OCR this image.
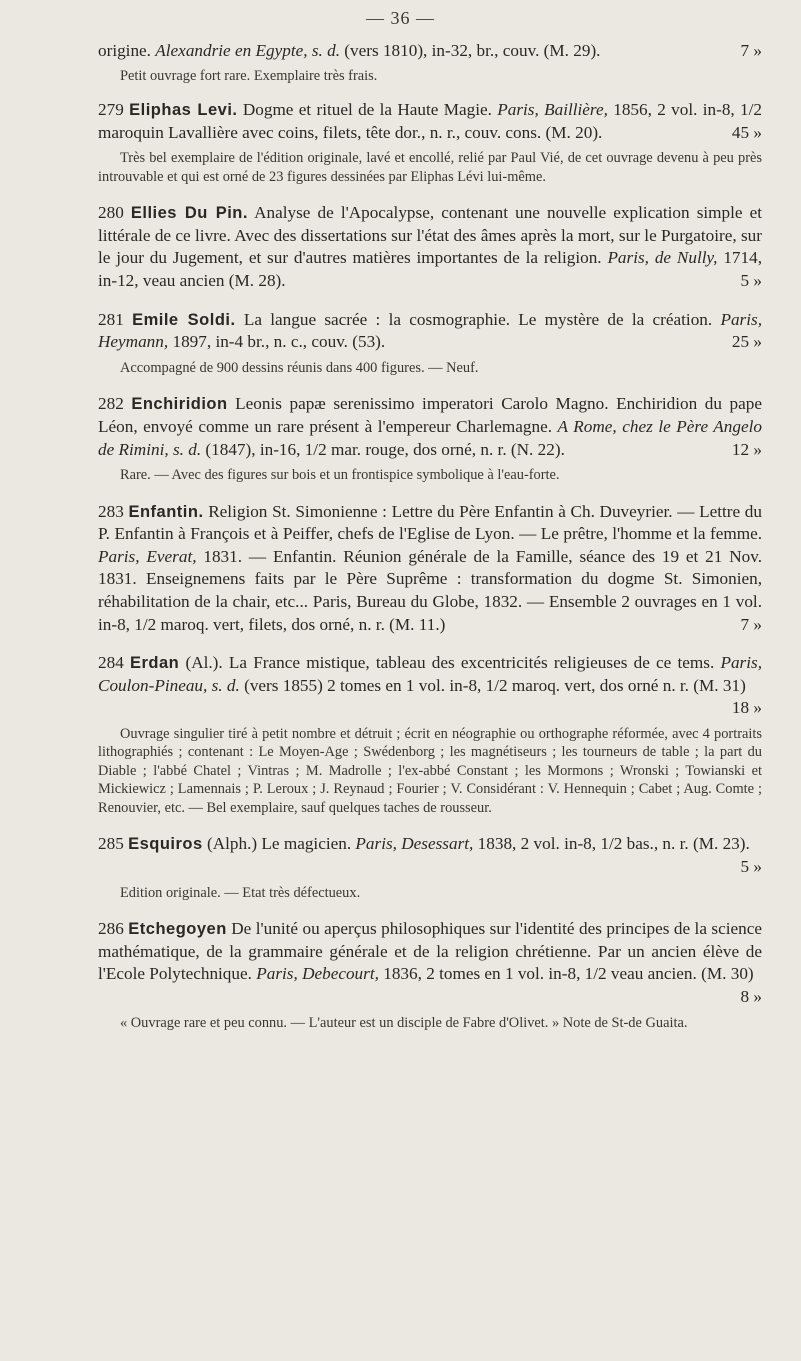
— 36 —

origine. Alexandrie en Egypte, s. d. (vers 1810), in-32, br., couv. (M. 29).	7 »

Petit ouvrage fort rare. Exemplaire très frais.

279 Eliphas Levi. Dogme et rituel de la Haute Magie. Paris, Baillière, 1856, 2 vol. in-8, 1/2 maroquin Lavallière avec coins, filets, tête dor., n. r., couv. cons. (M. 20).	45 »

Très bel exemplaire de l'édition originale, lavé et encollé, relié par Paul Vié, de cet ouvrage devenu à peu près introuvable et qui est orné de 23 figures dessinées par Eliphas Lévi lui-même.

280 Ellies Du Pin. Analyse de l'Apocalypse, contenant une nouvelle explication simple et littérale de ce livre. Avec des dissertations sur l'état des âmes après la mort, sur le Purgatoire, sur le jour du Jugement, et sur d'autres matières importantes de la religion. Paris, de Nully, 1714, in-12, veau ancien (M. 28).	5 »

281 Emile Soldi. La langue sacrée : la cosmographie. Le mystère de la création. Paris, Heymann, 1897, in-4 br., n. c., couv. (53).	25 »

Accompagné de 900 dessins réunis dans 400 figures. — Neuf.

282 Enchiridion Leonis papæ serenissimo imperatori Carolo Magno. Enchiridion du pape Léon, envoyé comme un rare présent à l'empereur Charlemagne. A Rome, chez le Père Angelo de Rimini, s. d. (1847), in-16, 1/2 mar. rouge, dos orné, n. r. (N. 22).	12 »

Rare. — Avec des figures sur bois et un frontispice symbolique à l'eau-forte.

283 Enfantin. Religion St. Simonienne : Lettre du Père Enfantin à Ch. Duveyrier. — Lettre du P. Enfantin à François et à Peiffer, chefs de l'Eglise de Lyon. — Le prêtre, l'homme et la femme. Paris, Everat, 1831. — Enfantin. Réunion générale de la Famille, séance des 19 et 21 Nov. 1831. Enseignemens faits par le Père Suprême : transformation du dogme St. Simonien, réhabilitation de la chair, etc... Paris, Bureau du Globe, 1832. — Ensemble 2 ouvrages en 1 vol. in-8, 1/2 maroq. vert, filets, dos orné, n. r. (M. 11.)	7 »

284 Erdan (Al.). La France mistique, tableau des excentricités religieuses de ce tems. Paris, Coulon-Pineau, s. d. (vers 1855) 2 tomes en 1 vol. in-8, 1/2 maroq. vert, dos orné n. r. (M. 31)
18 »

Ouvrage singulier tiré à petit nombre et détruit ; écrit en néographie ou orthographe réformée, avec 4 portraits lithographiés ; contenant : Le Moyen-Age ; Swédenborg ; les magnétiseurs ; les tourneurs de table ; la part du Diable ; l'abbé Chatel ; Vintras ; M. Madrolle ; l'ex-abbé Constant ; les Mormons ; Wronski ; Towianski et Mickiewicz ; Lamennais ; P. Leroux ; J. Reynaud ; Fourier ; V. Considérant : V. Hennequin ; Cabet ; Aug. Comte ; Renouvier, etc. — Bel exemplaire, sauf quelques taches de rousseur.

285 Esquiros (Alph.) Le magicien. Paris, Desessart, 1838, 2 vol. in-8, 1/2 bas., n. r. (M. 23).
5 »

Edition originale. — Etat très défectueux.

286 Etchegoyen De l'unité ou aperçus philosophiques sur l'identité des principes de la science mathématique, de la grammaire générale et de la religion chrétienne. Par un ancien élève de l'Ecole Polytechnique. Paris, Debecourt, 1836, 2 tomes en 1 vol. in-8, 1/2 veau ancien. (M. 30)
8 »

« Ouvrage rare et peu connu. — L'auteur est un disciple de Fabre d'Olivet. » Note de St-de Guaita.
